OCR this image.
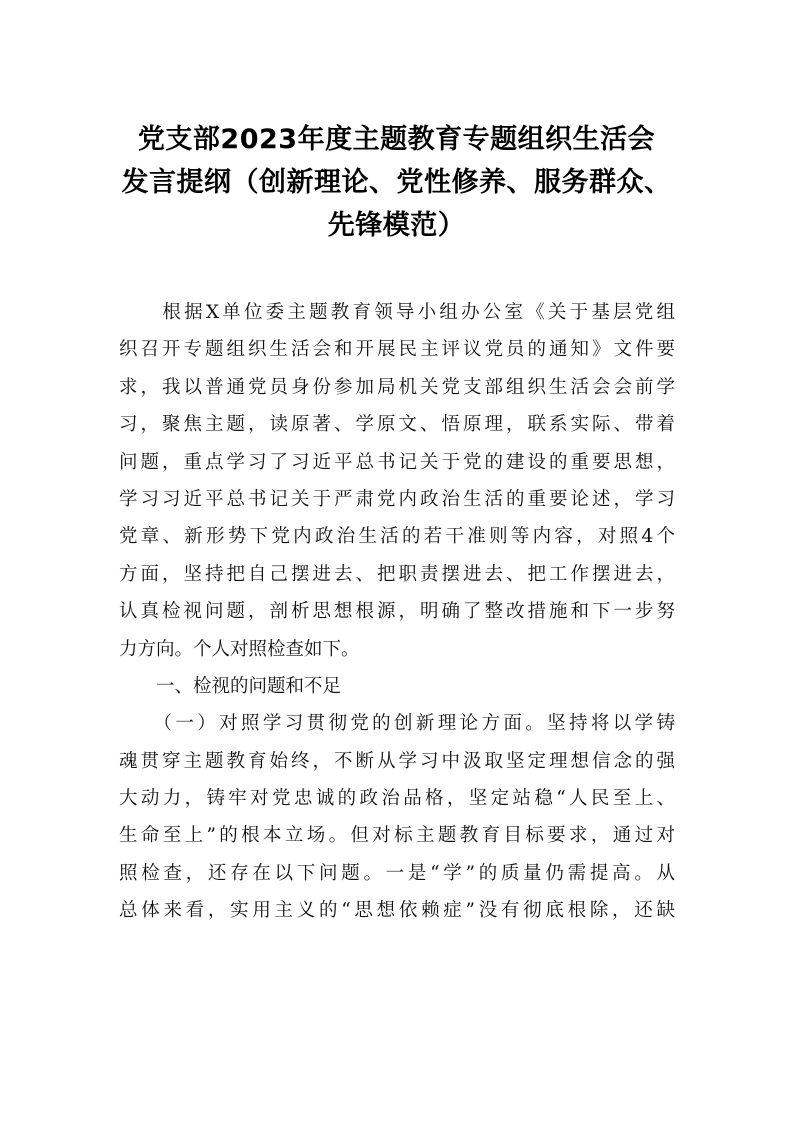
党支部2023年度主题教育专题组织生活会
发言提纲（创新理论、党性修养、服务群众、
先锋模范）
　　根据X单位委主题教育领导小组办公室《关于基层党组
织召开专题组织生活会和开展民主评议党员的通知》文件要
求，我以普通党员身份参加局机关党支部组织生活会会前学
习，聚焦主题，读原著、学原文、悟原理，联系实际、带着
问题，重点学习了习近平总书记关于党的建设的重要思想，
学习习近平总书记关于严肃党内政治生活的重要论述，学习
党章、新形势下党内政治生活的若干准则等内容，对照4个
方面，坚持把自己摆进去、把职责摆进去、把工作摆进去，
认真检视问题，剖析思想根源，明确了整改措施和下一步努
力方向。个人对照检查如下。
　　一、检视的问题和不足
　　（一）对照学习贯彻党的创新理论方面。坚持将以学铸
魂贯穿主题教育始终，不断从学习中汲取坚定理想信念的强
大动力，铸牢对党忠诚的政治品格，坚定站稳“人民至上、
生命至上”的根本立场。但对标主题教育目标要求，通过对
照检查，还存在以下问题。一是“学”的质量仍需提高。从
总体来看，实用主义的“思想依赖症”没有彻底根除，还缺
